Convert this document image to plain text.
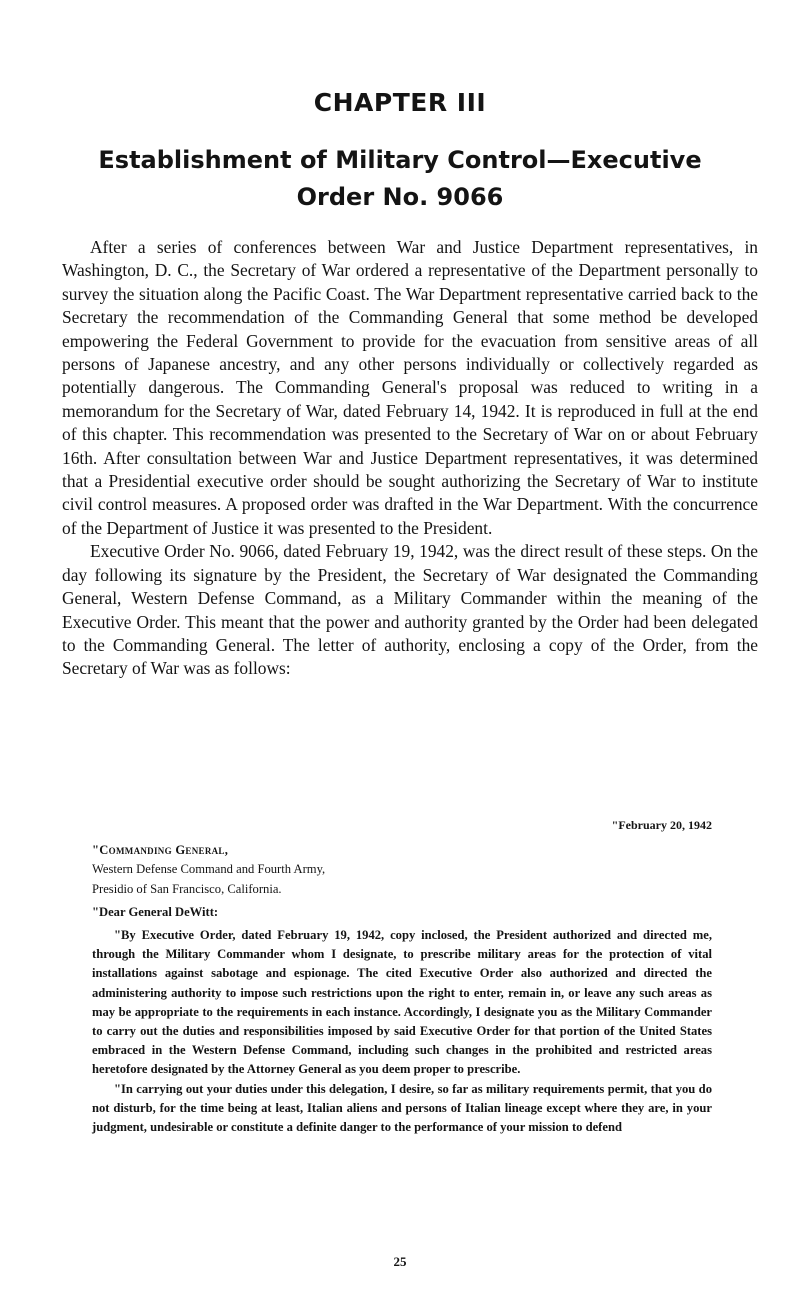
CHAPTER III
Establishment of Military Control—Executive Order No. 9066

After a series of conferences between War and Justice Department representatives, in Washington, D. C., the Secretary of War ordered a representative of the Department personally to survey the situation along the Pacific Coast. The War Department representative carried back to the Secretary the recommendation of the Commanding General that some method be developed empowering the Federal Government to provide for the evacuation from sensitive areas of all persons of Japanese ancestry, and any other persons individually or collectively regarded as potentially dangerous. The Commanding General's proposal was reduced to writing in a memorandum for the Secretary of War, dated February 14, 1942. It is reproduced in full at the end of this chapter. This recommendation was presented to the Secretary of War on or about February 16th. After consultation between War and Justice Department representatives, it was determined that a Presidential executive order should be sought authorizing the Secretary of War to institute civil control measures. A proposed order was drafted in the War Department. With the concurrence of the Department of Justice it was presented to the President.

Executive Order No. 9066, dated February 19, 1942, was the direct result of these steps. On the day following its signature by the President, the Secretary of War designated the Commanding General, Western Defense Command, as a Military Commander within the meaning of the Executive Order. This meant that the power and authority granted by the Order had been delegated to the Commanding General. The letter of authority, enclosing a copy of the Order, from the Secretary of War was as follows:

"February 20, 1942

"Commanding General,

Western Defense Command and Fourth Army,

Presidio of San Francisco, California.

"Dear General DeWitt:

"By Executive Order, dated February 19, 1942, copy inclosed, the President authorized and directed me, through the Military Commander whom I designate, to prescribe military areas for the protection of vital installations against sabotage and espionage. The cited Executive Order also authorized and directed the administering authority to impose such restrictions upon the right to enter, remain in, or leave any such areas as may be appropriate to the requirements in each instance. Accordingly, I designate you as the Military Commander to carry out the duties and responsibilities imposed by said Executive Order for that portion of the United States embraced in the Western Defense Command, including such changes in the prohibited and restricted areas heretofore designated by the Attorney General as you deem proper to prescribe.

"In carrying out your duties under this delegation, I desire, so far as military requirements permit, that you do not disturb, for the time being at least, Italian aliens and persons of Italian lineage except where they are, in your judgment, undesirable or constitute a definite danger to the performance of your mission to defend

25
